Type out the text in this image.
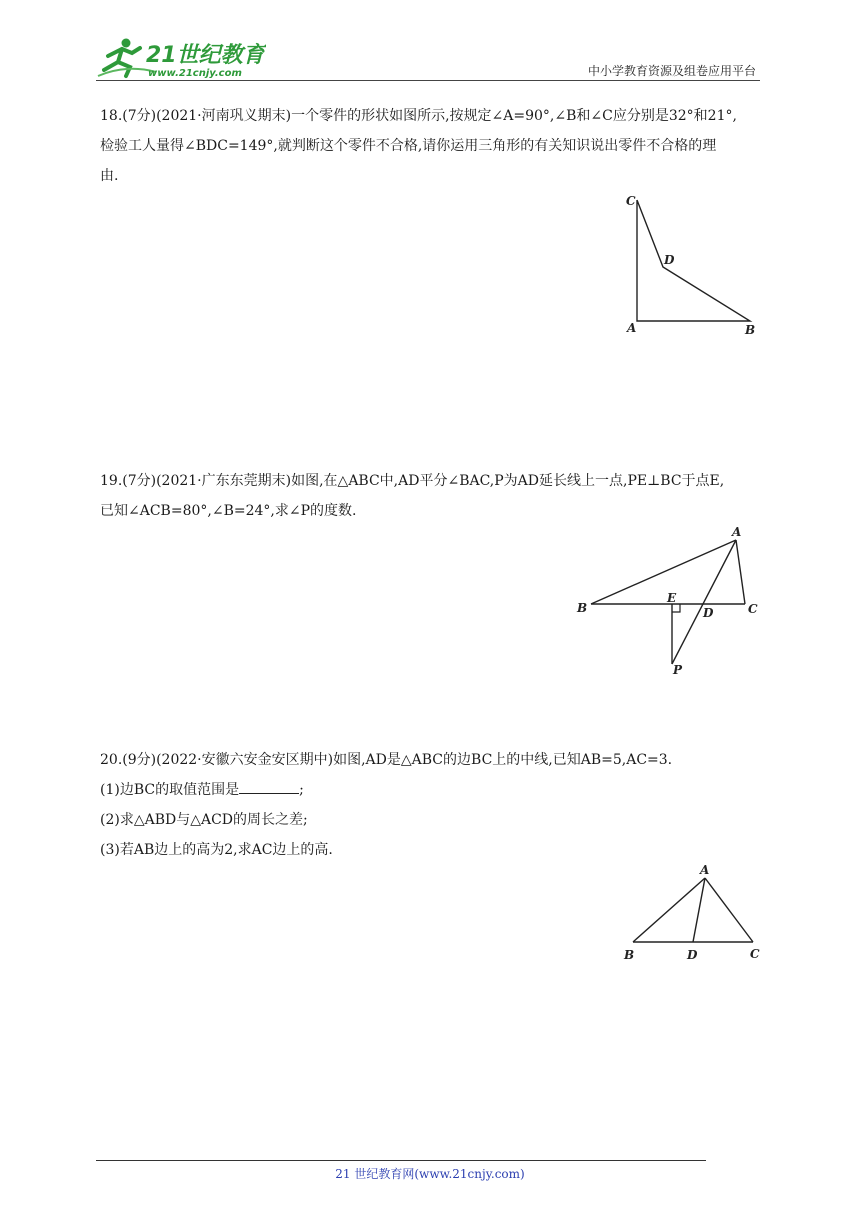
21世纪教育
www.21cnjy.com	中小学教育资源及组卷应用平台
18.(7分)(2021·河南巩义期末)一个零件的形状如图所示,按规定∠A=90°,∠B和∠C应分别是32°和21°,
检验工人量得∠BDC=149°,就判断这个零件不合格,请你运用三角形的有关知识说出零件不合格的理
由.
C
D
A	B
19.(7分)(2021·广东东莞期末)如图,在△ABC中,AD平分∠BAC,P为AD延长线上一点,PE⊥BC于点E,
已知∠ACB=80°,∠B=24°,求∠P的度数.
A
B
E
D	C
P
20.(9分)(2022·安徽六安金安区期中)如图,AD是△ABC的边BC上的中线,已知AB=5,AC=3.
(1)边BC的取值范围是	;
(2)求△ABD与△ACD的周长之差;
(3)若AB边上的高为2,求AC边上的高.
A
B	D	C
21 世纪教育网(www.21cnjy.com)
